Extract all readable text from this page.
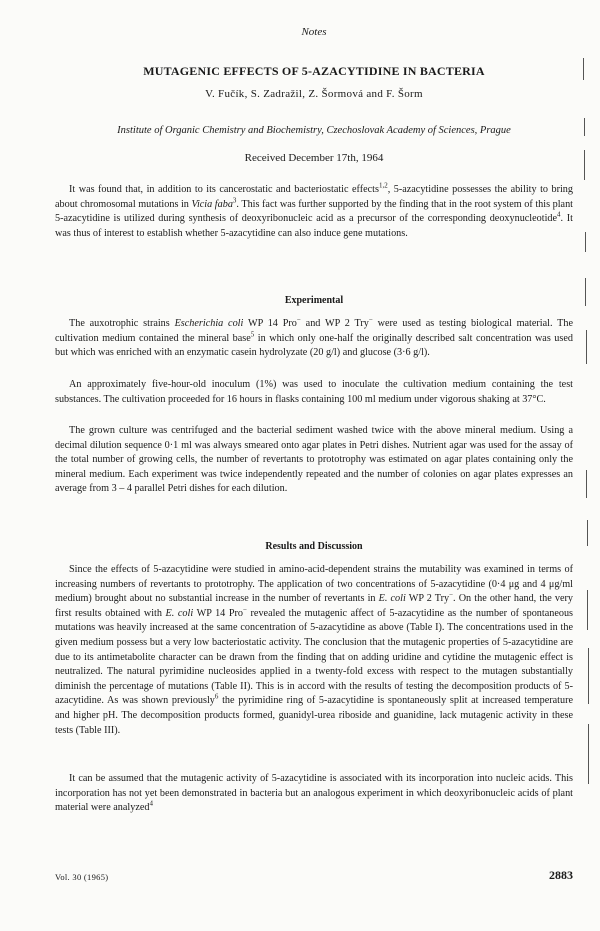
Notes
MUTAGENIC EFFECTS OF 5-AZACYTIDINE IN BACTERIA
V. Fučík, S. Zadražil, Z. Šormová and F. Šorm
Institute of Organic Chemistry and Biochemistry, Czechoslovak Academy of Sciences, Prague
Received December 17th, 1964

It was found that, in addition to its cancerostatic and bacteriostatic effects$^{1,2}$, 5-azacytidine possesses the ability to bring about chromosomal mutations in Vicia faba$^3$. This fact was further supported by the finding that in the root system of this plant 5-azacytidine is utilized during synthesis of deoxyribonucleic acid as a precursor of the corresponding deoxynucleotide$^4$. It was thus of interest to establish whether 5-azacytidine can also induce gene mutations.

Experimental

The auxotrophic strains Escherichia coli WP 14 Pro− and WP 2 Try− were used as testing biological material. The cultivation medium contained the mineral base$^5$ in which only one-half the originally described salt concentration was used but which was enriched with an enzymatic casein hydrolyzate (20 g/l) and glucose (3·6 g/l).

An approximately five-hour-old inoculum (1%) was used to inoculate the cultivation medium containing the test substances. The cultivation proceeded for 16 hours in flasks containing 100 ml medium under vigorous shaking at 37°C.

The grown culture was centrifuged and the bacterial sediment washed twice with the above mineral medium. Using a decimal dilution sequence 0·1 ml was always smeared onto agar plates in Petri dishes. Nutrient agar was used for the assay of the total number of growing cells, the number of revertants to prototrophy was estimated on agar plates containing only the mineral medium. Each experiment was twice independently repeated and the number of colonies on agar plates expresses an average from 3 – 4 parallel Petri dishes for each dilution.

Results and Discussion

Since the effects of 5-azacytidine were studied in amino-acid-dependent strains the mutability was examined in terms of increasing numbers of revertants to prototrophy. The application of two concentrations of 5-azacytidine (0·4 μg and 4 μg/ml medium) brought about no substantial increase in the number of revertants in E. coli WP 2 Try−. On the other hand, the very first results obtained with E. coli WP 14 Pro− revealed the mutagenic affect of 5-azacytidine as the number of spontaneous mutations was heavily increased at the same concentration of 5-azacytidine as above (Table I). The concentrations used in the given medium possess but a very low bacteriostatic activity. The conclusion that the mutagenic properties of 5-azacytidine are due to its antimetabolite character can be drawn from the finding that on adding uridine and cytidine the mutagenic effect is neutralized. The natural pyrimidine nucleosides applied in a twenty-fold excess with respect to the mutagen substantially diminish the percentage of mutations (Table II). This is in accord with the results of testing the decomposition products of 5-azacytidine. As was shown previously$^6$ the pyrimidine ring of 5-azacytidine is spontaneously split at increased temperature and higher pH. The decomposition products formed, guanidyl-urea riboside and guanidine, lack mutagenic activity in these tests (Table III).

It can be assumed that the mutagenic activity of 5-azacytidine is associated with its incorporation into nucleic acids. This incorporation has not yet been demonstrated in bacteria but an analogous experiment in which deoxyribonucleic acids of plant material were analyzed$^4$

Vol. 30 (1965)	2883
